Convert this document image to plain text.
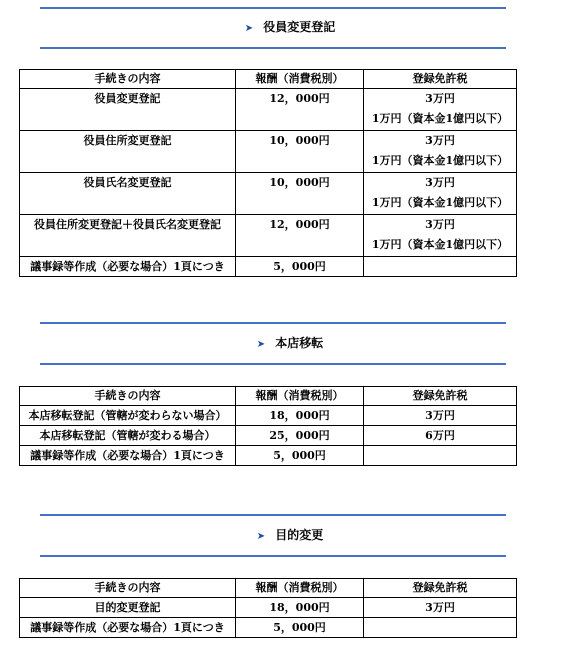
➤ 役員変更登記
手続きの内容	報酬（消費税別）	登録免許税

役員変更登記	12，000円	3万円
1万円（資本金1億円以下）

役員住所変更登記	10，000円	3万円
1万円（資本金1億円以下）

役員氏名変更登記	10，000円	3万円
1万円（資本金1億円以下）

役員住所変更登記＋役員氏名変更登記	12，000円	3万円
1万円（資本金1億円以下）

議事録等作成（必要な場合）1頁につき	5，000円	
➤ 本店移転
手続きの内容	報酬（消費税別）	登録免許税
本店移転登記（管轄が変わらない場合）	18，000円	3万円
本店移転登記（管轄が変わる場合）	25，000円	6万円
議事録等作成（必要な場合）1頁につき	5，000円	
➤ 目的変更
手続きの内容	報酬（消費税別）	登録免許税
目的変更登記	18，000円	3万円
議事録等作成（必要な場合）1頁につき	5，000円	
